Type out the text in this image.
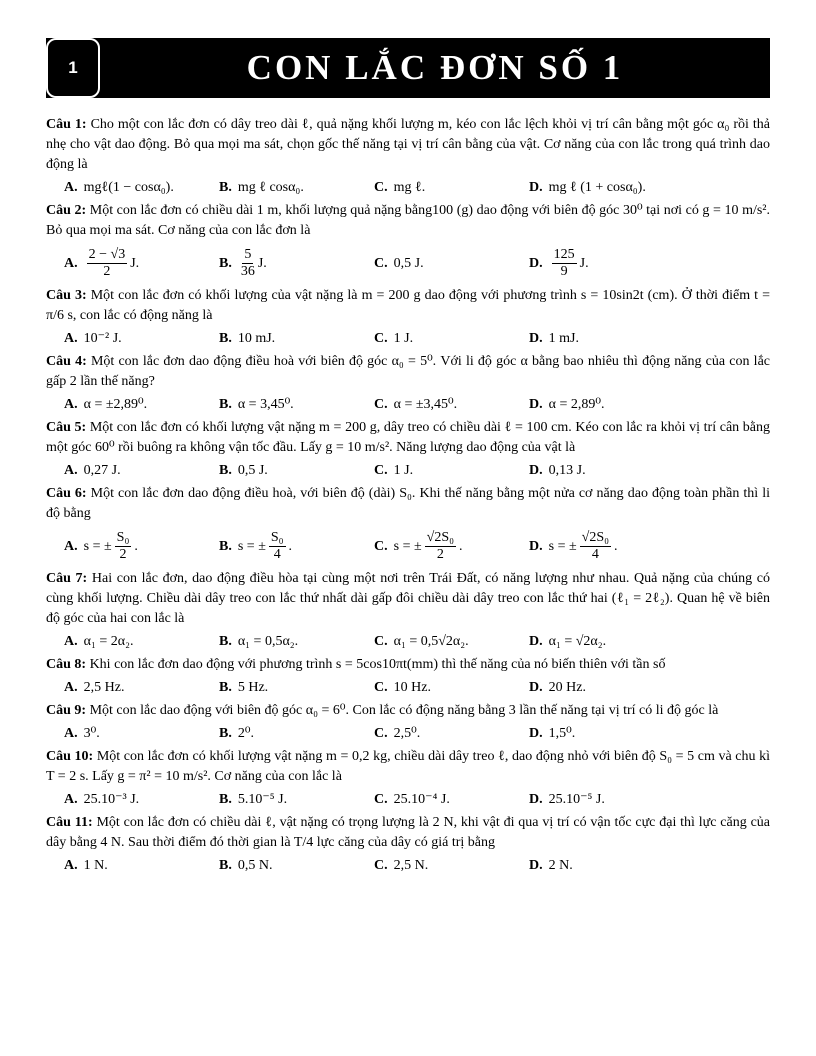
1	CON LẮC ĐƠN SỐ 1
Câu 1: Cho một con lắc đơn có dây treo dài ℓ, quả nặng khối lượng m, kéo con lắc lệch khỏi vị trí cân bằng một góc α₀ rồi thả nhẹ cho vật dao động. Bỏ qua mọi ma sát, chọn gốc thế năng tại vị trí cân bằng của vật. Cơ năng của con lắc trong quá trình dao động là
A. mgℓ(1 − cosα₀).	B. mg ℓ cosα₀.	C. mg ℓ.	D. mg ℓ (1 + cosα₀).
Câu 2: Một con lắc đơn có chiều dài 1 m, khối lượng quả nặng bằng100 (g) dao động với biên độ góc 30⁰ tại nơi có g = 10 m/s². Bỏ qua mọi ma sát. Cơ năng của con lắc đơn là
A. $\frac{2 - √3}{2} J$.	B. $\frac{5}{36} J$.	C. 0,5 J.	D. $\frac{125}{9} J$.
Câu 3: Một con lắc đơn có khối lượng của vật nặng là m = 200 g dao động với phương trình s = 10sin2t (cm). Ở thời điểm t = π/6 s, con lắc có động năng là
A. 10⁻² J.	B. 10 mJ.	C. 1 J.	D. 1 mJ.
Câu 4: Một con lắc đơn dao động điều hoà với biên độ góc α₀ = 5⁰. Với li độ góc α bằng bao nhiêu thì động năng của con lắc gấp 2 lần thế năng?
A. α = ±2,89⁰.	B. α = 3,45⁰.	C. α = ±3,45⁰.	D. α = 2,89⁰.
Câu 5: Một con lắc đơn có khối lượng vật nặng m = 200 g, dây treo có chiều dài ℓ = 100 cm. Kéo con lắc ra khỏi vị trí cân bằng một góc 60⁰ rồi buông ra không vận tốc đầu. Lấy g = 10 m/s². Năng lượng dao động của vật là
A. 0,27 J.	B. 0,5 J.	C. 1 J.	D. 0,13 J.
Câu 6: Một con lắc đơn dao động điều hoà, với biên độ (dài) S₀. Khi thế năng bằng một nửa cơ năng dao động toàn phần thì li độ bằng
A. s = ± $\frac{\text{S₀}}{2}$ .	B. s = ± $\frac{\text{S₀}}{4}$ .	C. s = ± $\frac{\text{√2S₀}}{2}$ .	D. s = ± $\frac{\text{√2S₀}}{4}$ .
Câu 7: Hai con lắc đơn, dao động điều hòa tại cùng một nơi trên Trái Đất, có năng lượng như nhau. Quả nặng của chúng có cùng khối lượng. Chiều dài dây treo con lắc thứ nhất dài gấp đôi chiều dài dây treo con lắc thứ hai (ℓ₁ = 2ℓ₂). Quan hệ về biên độ góc của hai con lắc là
A. α₁ = 2α₂.	B. α₁ = 0,5α₂.	C. α₁ = 0,5√2α₂.	D. α₁ = √2α₂.
Câu 8: Khi con lắc đơn dao động với phương trình s = 5cos10πt(mm) thì thế năng của nó biến thiên với tần số
A. 2,5 Hz.	B. 5 Hz.	C. 10 Hz.	D. 20 Hz.
Câu 9: Một con lắc dao động với biên độ góc α₀ = 6⁰. Con lắc có động năng bằng 3 lần thế năng tại vị trí có li độ góc là
A. 3⁰.	B. 2⁰.	C. 2,5⁰.	D. 1,5⁰.
Câu 10: Một con lắc đơn có khối lượng vật nặng m = 0,2 kg, chiều dài dây treo ℓ, dao động nhỏ với biên độ S₀ = 5 cm và chu kì T = 2 s. Lấy g = π² = 10 m/s². Cơ năng của con lắc là
A. 25.10⁻³ J.	B. 5.10⁻⁵ J.	C. 25.10⁻⁴ J.	D. 25.10⁻⁵ J.
Câu 11: Một con lắc đơn có chiều dài ℓ, vật nặng có trọng lượng là 2 N, khi vật đi qua vị trí có vận tốc cực đại thì lực căng của dây bằng 4 N. Sau thời điểm đó thời gian là T/4 lực căng của dây có giá trị bằng
A. 1 N.	B. 0,5 N.	C. 2,5 N.	D. 2 N.
